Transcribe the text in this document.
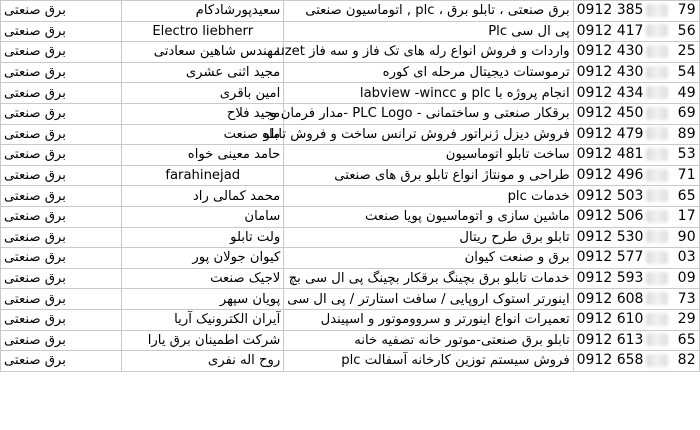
برق صنعتی	سعیدپورشادکام	برق صنعتی ، تابلو برق ، plc , اتوماسیون صنعتی	0912 385 79

برق صنعتی	Electro liebherr	پی ال سی Plc	0912 417 56

برق صنعتی	مهندس شاهین سعادتی	واردات و فروش انواع رله های تک فاز و سه فاز uzet	0912 430 25

برق صنعتی	مجید اثنی عشری	ترموستات دیجیتال مرحله ای کوره	0912 430 54

برق صنعتی	امین باقری	انجام پروژه با plc و labview -wincc	0912 434 49

برق صنعتی	مجید فلاح	برقکار صنعتی و ساختمانی - PLC Logo -مدار فرمان و	0912 450 69

برق صنعتی	ماه صنعت	فروش دیزل ژنراتور فروش ترانس ساخت و فروش تابلو	0912 479 89

برق صنعتی	حامد معینی خواه	ساخت تابلو اتوماسیون	0912 481 53

برق صنعتی	farahinejad	طراحی و مونتاژ انواع تابلو برق های صنعتی	0912 496 71

برق صنعتی	محمد کمالی راد	خدمات plc	0912 503 65

برق صنعتی	سامان	ماشین سازی و اتوماسیون پویا صنعت	0912 506 17

برق صنعتی	ولت تابلو	تابلو برق طرح ریتال	0912 530 90

برق صنعتی	کیوان جولان پور	برق و صنعت کیوان	0912 577 03

برق صنعتی	لاجیک صنعت	خدمات تابلو برق بچینگ برقکار بچینگ پی ال سی بچ	0912 593 09

برق صنعتی	پویان سپهر	اینورتر استوک اروپایی / سافت استارتر / پی ال سی	0912 608 73

برق صنعتی	آیران الکترونیک آریا	تعمیرات انواع اینورتر و سرووموتور و اسپیندل	0912 610 29

برق صنعتی	شرکت اطمینان برق یارا	تابلو برق صنعتی-موتور خانه تصفیه خانه	0912 613 65

برق صنعتی	روح اله نفری	فروش سیستم توزین کارخانه آسفالت plc	0912 658 82
